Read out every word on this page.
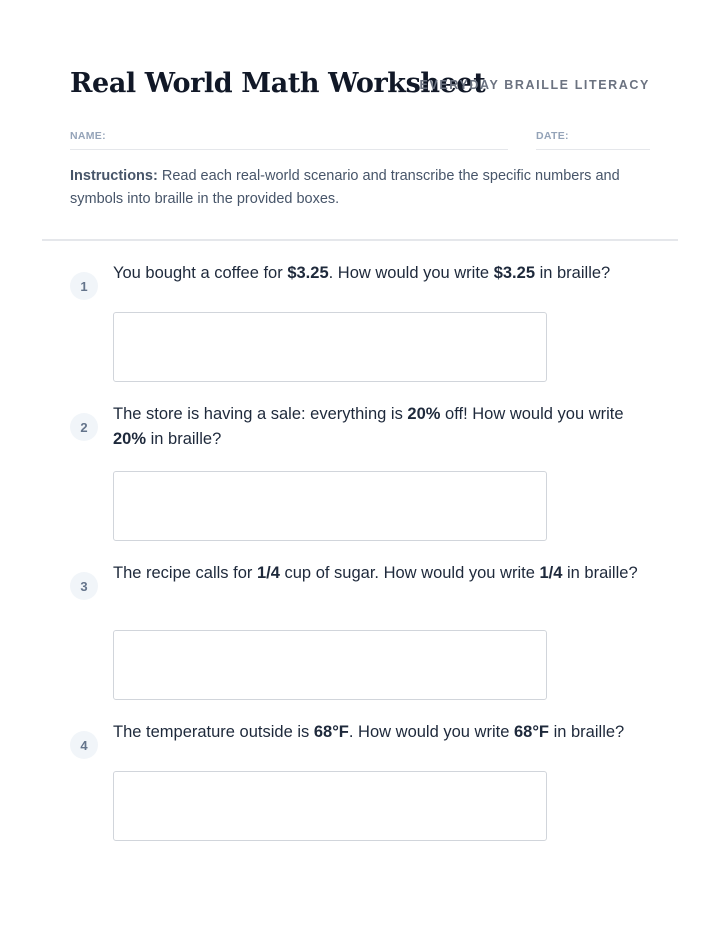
Real World Math Worksheet
EVERYDAY BRAILLE LITERACY
NAME:	DATE:
Instructions: Read each real-world scenario and transcribe the specific numbers and symbols into braille in the provided boxes.
1
You bought a coffee for $3.25. How would you write $3.25 in braille?
2
The store is having a sale: everything is 20% off! How would you write 20% in braille?
3
The recipe calls for 1/4 cup of sugar. How would you write 1/4 in braille?
4
The temperature outside is 68°F. How would you write 68°F in braille?
